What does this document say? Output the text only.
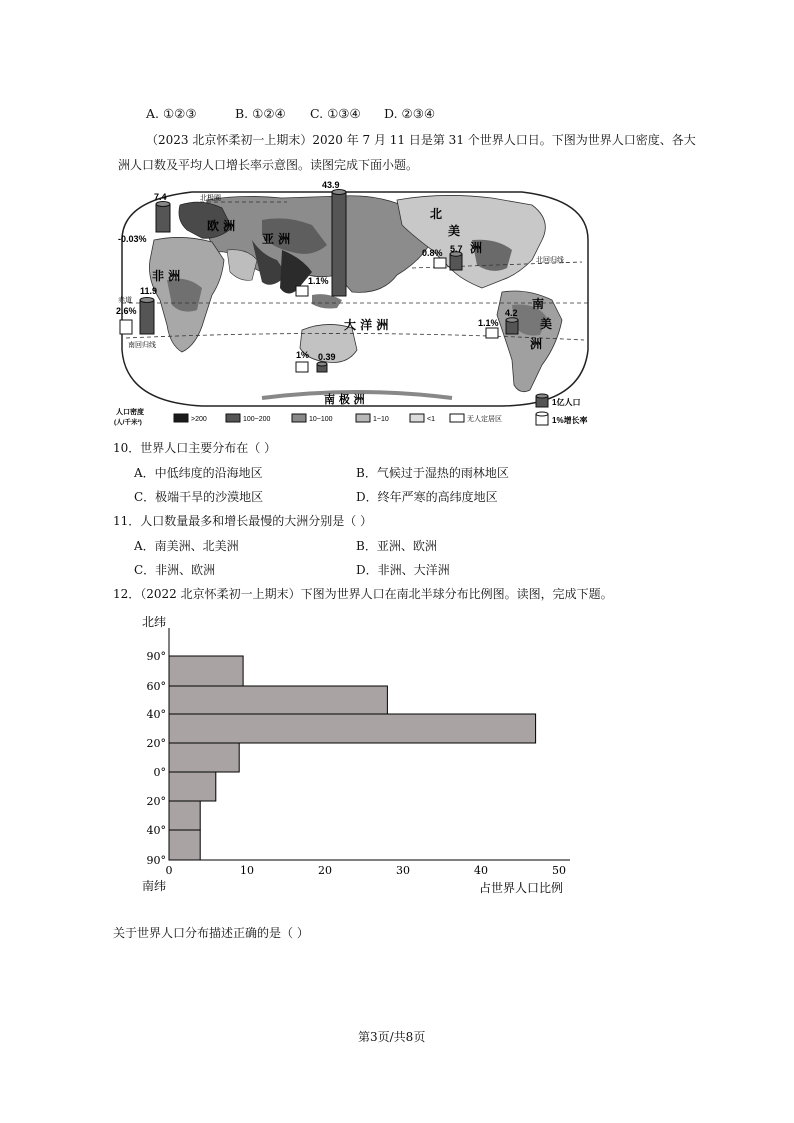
A. ①②③	B. ①②④ C. ①③④ D. ②③④
（2023 北京怀柔初一上期末）2020 年 7 月 11 日是第 31 个世界人口日。下图为世界人口密度、各大
洲人口数及平均人口增长率示意图。读图完成下面小题。
北极圈
北回归线
赤道
南回归线
欧 洲
亚 洲
非 洲
北
美
洲
南
美
洲
大 洋 洲
南 极 洲
7.4
-0.03%
43.9
1.1%
11.9
2.6%
5.7
0.8%
4.2
1.1%
0.39
1%
人口密度
(人/千米²)	>200	100~200	10~100	1~10	<1	无人定居区
1亿人口
1%增长率
10．世界人口主要分布在（ ）
A．中低纬度的沿海地区	B．气候过于湿热的雨林地区
C．极端干旱的沙漠地区	D．终年严寒的高纬度地区
11．人口数量最多和增长最慢的大洲分别是（ ）
A．南美洲、北美洲	B．亚洲、欧洲
C．非洲、欧洲	D．非洲、大洋洲
12．（2022 北京怀柔初一上期末）下图为世界人口在南北半球分布比例图。读图，完成下题。
90°
60°
40°
20°
0°
20°
40°
90°
0	10	20	30	40	50
北纬
南纬	占世界人口比例
关于世界人口分布描述正确的是（ ）
第3页/共8页
